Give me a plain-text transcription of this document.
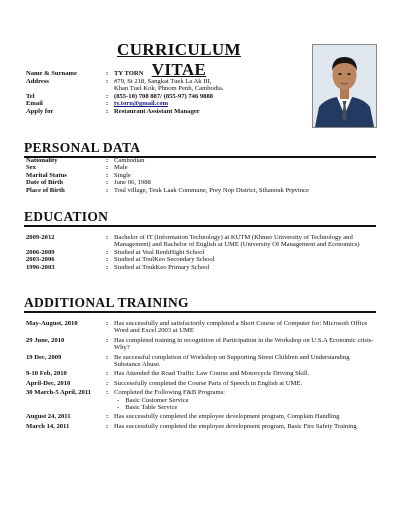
CURRICULUM VITAE
Name & Surname	: TY TORN
Address	: #79, St 218, Sangkat Tuek La Ak III,
Khan Tuel Kok, Phnom Penh, Cambodia.
Tel	: (855-10) 708 887/ (855-97) 746 9888
Email	: ty.torn@gmail.com
Apply for	: Restaurant Assistant Manager
PERSONAL DATA
Nationality	: Cambodian
Sex	: Male
Marital Status	: Single
Date of Birth	: June 06, 1988
Place of Birth	: Toul village, Teuk Laak Commune, Prey Nop District, Sihanouk Prpvince
EDUCATION
2009-2012	: Bachelor of IT (Information Technology) at KUTM (Khmer University of Technology and Management) and Bachelor of English at UME (University Of Management and Economics)
2006-2009	: Studied at Veal RenhHight School
2003-2006	: Studied at ToulKeo Secondary School
1996-2003	: Studied at ToukKeo Primary School
ADDITIONAL TRAINING
May-August, 2010	: Has successfully and satisfactorily completed a Short Course of Computer for: Microsoft Office Word and Excel 2003 at UME
29 June, 2010	: Has completed training in recognition of Participation in the Workshop on U.S.A Economic crisis-Why?
19 Dec, 2009	: Be successful completion of Workshop on Supporting Street Children and Understanding Substance Abuse.
9-10 Feb, 2010	: Has Attended the Road Traffic Law Course and Motorcycle Driving Skill.
April-Dec, 2010	: Successfully completed the Course Parts of Speech in English at UME.
30 March-5 April, 2011	: Completed the Following F&B Programs:
- Basic Customer Service
- Basic Table Service
August 24, 2011	: Has successfully completed the employee development program, Complain Handling
March 14, 2011	: Has successfully completed the employee development program, Basic Fire Safety Training
